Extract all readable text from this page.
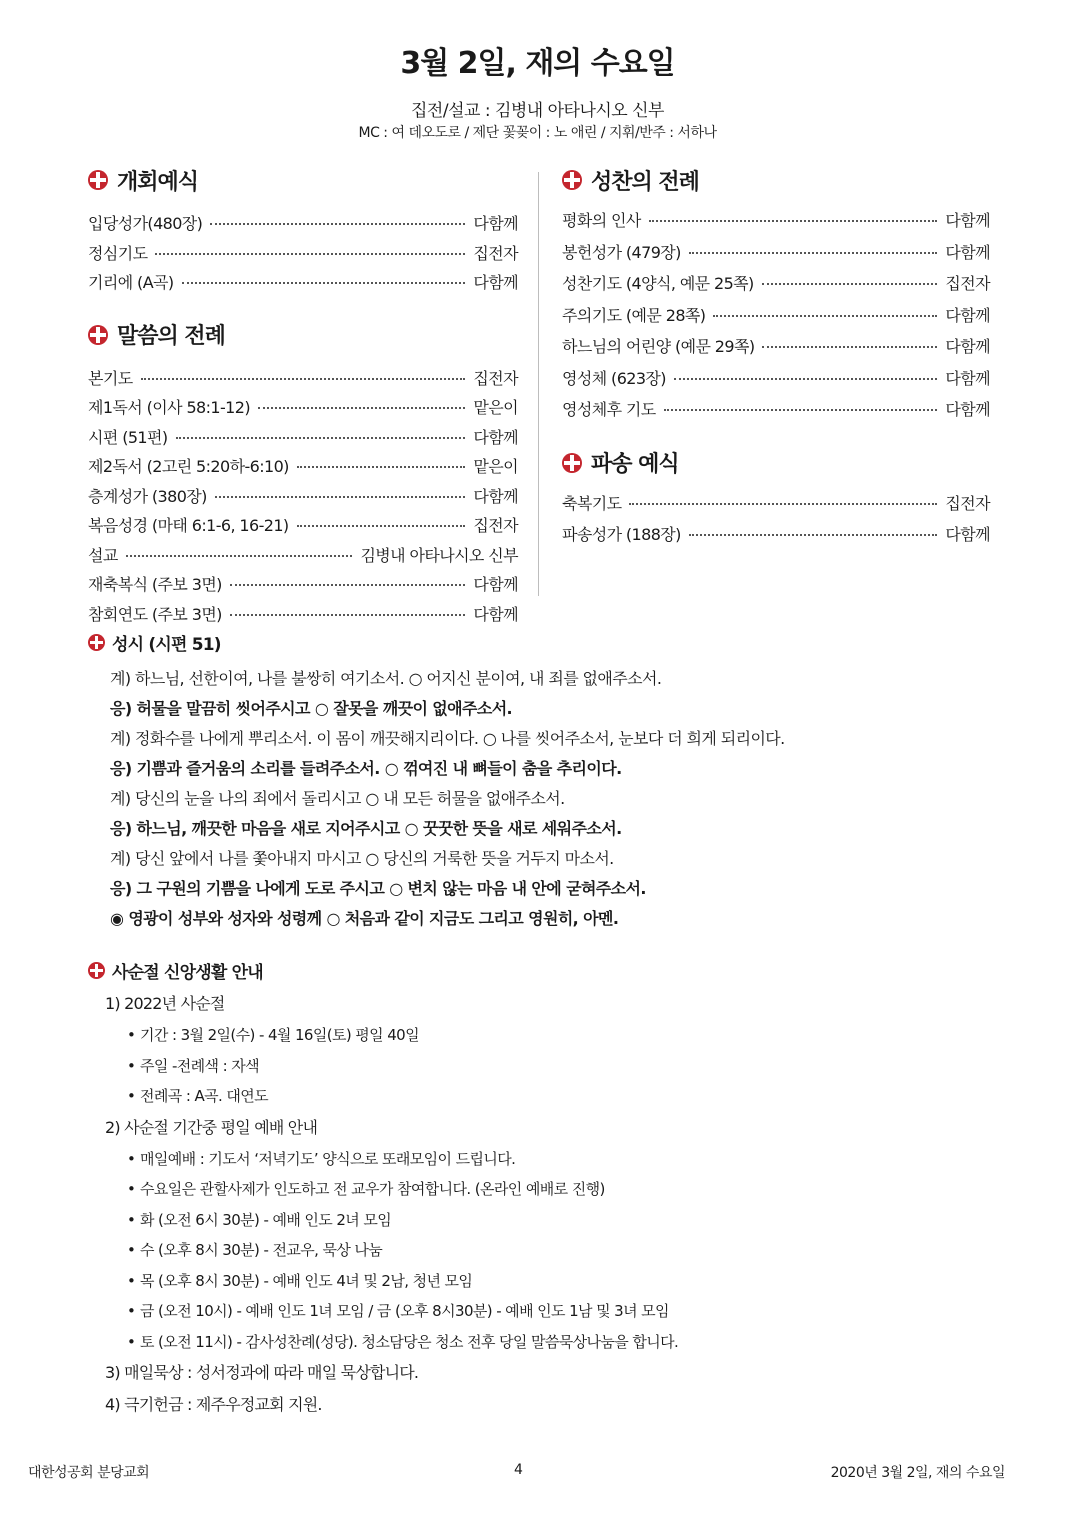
3월 2일, 재의 수요일
집전/설교 : 김병내 아타나시오 신부
MC : 여 데오도로 / 제단 꽃꽂이 : 노 애린 / 지휘/반주 : 서하나
개회예식
입당성가(480장)	다함께
정심기도	집전자
기리에 (A곡)	다함께
말씀의 전례
본기도	집전자
제1독서 (이사 58:1-12)	맡은이
시편 (51편)	다함께
제2독서 (2고린 5:20하-6:10)	맡은이
층계성가 (380장)	다함께
복음성경 (마태 6:1-6, 16-21)	집전자
설교	김병내 아타나시오 신부
재축복식 (주보 3면)	다함께
참회연도 (주보 3면)	다함께
성찬의 전례
평화의 인사	다함께
봉헌성가 (479장)	다함께
성찬기도 (4양식, 예문 25쪽)	집전자
주의기도 (예문 28쪽)	다함께
하느님의 어린양 (예문 29쪽)	다함께
영성체 (623장)	다함께
영성체후 기도	다함께
파송 예식
축복기도	집전자
파송성가 (188장)	다함께
성시 (시편 51)
계) 하느님, 선한이여, 나를 불쌍히 여기소서. ○ 어지신 분이여, 내 죄를 없애주소서.
응) 허물을 말끔히 씻어주시고 ○ 잘못을 깨끗이 없애주소서.
계) 정화수를 나에게 뿌리소서. 이 몸이 깨끗해지리이다. ○ 나를 씻어주소서, 눈보다 더 희게 되리이다.
응) 기쁨과 즐거움의 소리를 들려주소서. ○ 꺾여진 내 뼈들이 춤을 추리이다.
계) 당신의 눈을 나의 죄에서 돌리시고 ○ 내 모든 허물을 없애주소서.
응) 하느님, 깨끗한 마음을 새로 지어주시고 ○ 꿋꿋한 뜻을 새로 세워주소서.
계) 당신 앞에서 나를 쫓아내지 마시고 ○ 당신의 거룩한 뜻을 거두지 마소서.
응) 그 구원의 기쁨을 나에게 도로 주시고 ○ 변치 않는 마음 내 안에 굳혀주소서.
◉ 영광이 성부와 성자와 성령께 ○ 처음과 같이 지금도 그리고 영원히, 아멘.
사순절 신앙생활 안내
1) 2022년 사순절
• 기간 : 3월 2일(수) - 4월 16일(토) 평일 40일
• 주일 -전례색 : 자색
• 전례곡 : A곡. 대연도
2) 사순절 기간중 평일 예배 안내
• 매일예배 : 기도서 ‘저녁기도’ 양식으로 또래모임이 드립니다.
• 수요일은 관할사제가 인도하고 전 교우가 참여합니다. (온라인 예배로 진행)
• 화 (오전 6시 30분) - 예배 인도 2녀 모임
• 수 (오후 8시 30분) - 전교우, 묵상 나눔
• 목 (오후 8시 30분) - 예배 인도 4녀 및 2남, 청년 모임
• 금 (오전 10시) - 예배 인도 1녀 모임 / 금 (오후 8시30분) - 예배 인도 1남 및 3녀 모임
• 토 (오전 11시) - 감사성찬례(성당). 청소담당은 청소 전후 당일 말씀묵상나눔을 합니다.
3) 매일묵상 : 성서정과에 따라 매일 묵상합니다.
4) 극기헌금 : 제주우정교회 지원.
대한성공회 분당교회	4	2020년 3월 2일, 재의 수요일
